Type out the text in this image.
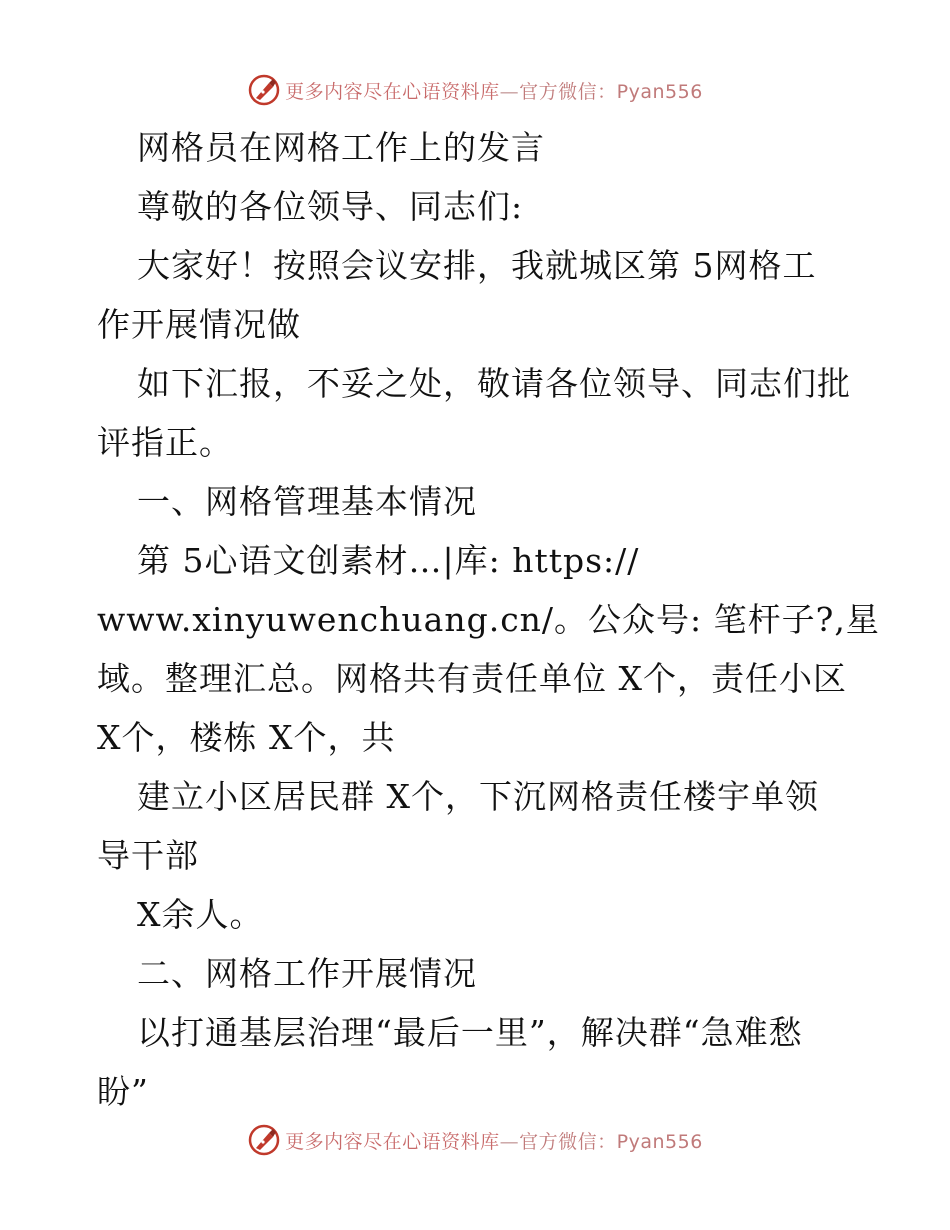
更多内容尽在心语资料库—官方微信：Pyan556
网格员在网格工作上的发言
尊敬的各位领导、同志们:
大家好！按照会议安排，我就城区第 5网格工
作开展情况做
如下汇报，不妥之处，敬请各位领导、同志们批
评指正。
一、网格管理基本情况
第 5心语文创素材…|库: https://
www.xinyuwenchuang.cn/。公众号: 笔杆子?,星
域。整理汇总。网格共有责任单位 X个，责任小区
X个，楼栋 X个，共
建立小区居民群 X个，下沉网格责任楼宇单领
导干部
X余人。
二、网格工作开展情况
以打通基层治理“最后一里”，解决群“急难愁
盼”
更多内容尽在心语资料库—官方微信：Pyan556
